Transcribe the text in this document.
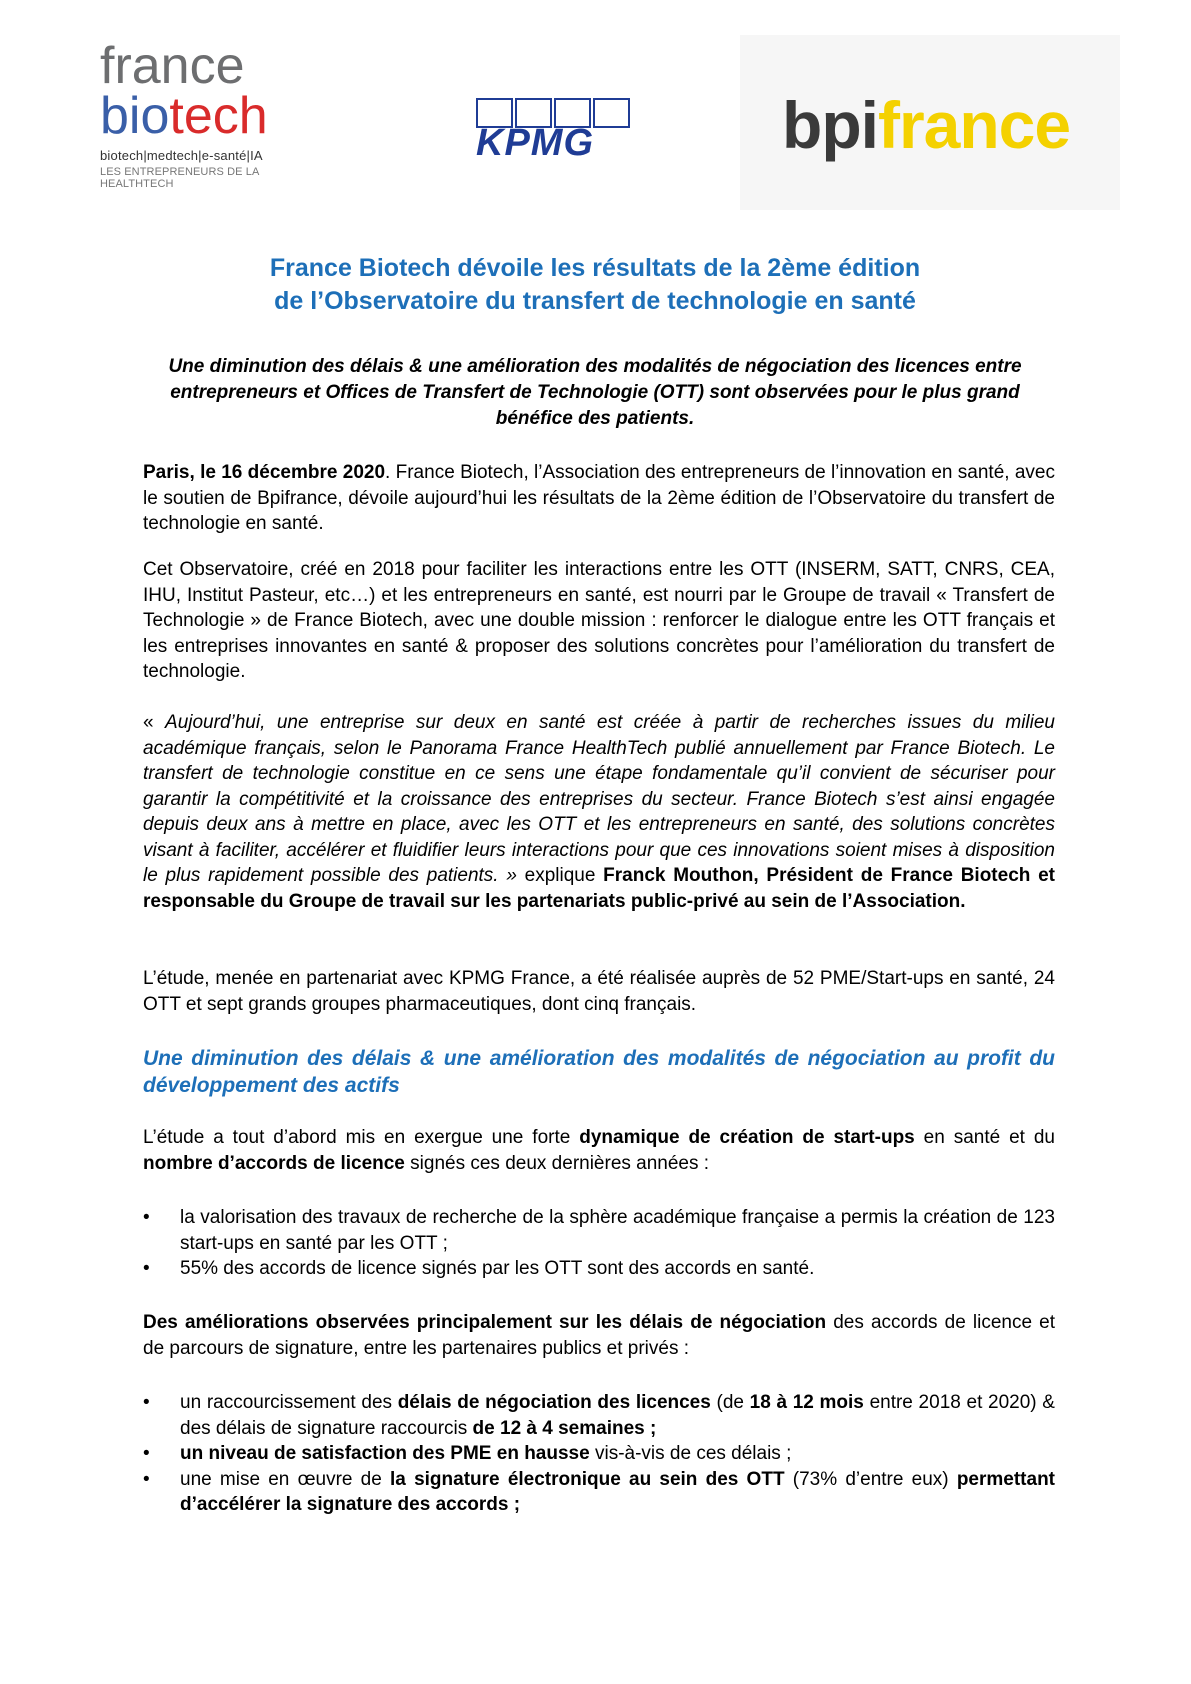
france
biotech
biotech|medtech|e-santé|IA
LES ENTREPRENEURS DE LA HEALTHTECH
KPMG	bpifrance
France Biotech dévoile les résultats de la 2ème édition
de l’Observatoire du transfert de technologie en santé

Une diminution des délais & une amélioration des modalités de négociation des licences entre entrepreneurs et Offices de Transfert de Technologie (OTT) sont observées pour le plus grand bénéfice des patients.

Paris, le 16 décembre 2020. France Biotech, l’Association des entrepreneurs de l’innovation en santé, avec le soutien de Bpifrance, dévoile aujourd’hui les résultats de la 2ème édition de l’Observatoire du transfert de technologie en santé.

Cet Observatoire, créé en 2018 pour faciliter les interactions entre les OTT (INSERM, SATT, CNRS, CEA, IHU, Institut Pasteur, etc…) et les entrepreneurs en santé, est nourri par le Groupe de travail « Transfert de Technologie » de France Biotech, avec une double mission : renforcer le dialogue entre les OTT français et les entreprises innovantes en santé & proposer des solutions concrètes pour l’amélioration du transfert de technologie.

« Aujourd’hui, une entreprise sur deux en santé est créée à partir de recherches issues du milieu académique français, selon le Panorama France HealthTech publié annuellement par France Biotech. Le transfert de technologie constitue en ce sens une étape fondamentale qu’il convient de sécuriser pour garantir la compétitivité et la croissance des entreprises du secteur. France Biotech s’est ainsi engagée depuis deux ans à mettre en place, avec les OTT et les entrepreneurs en santé, des solutions concrètes visant à faciliter, accélérer et fluidifier leurs interactions pour que ces innovations soient mises à disposition le plus rapidement possible des patients. » explique Franck Mouthon, Président de France Biotech et responsable du Groupe de travail sur les partenariats public-privé au sein de l’Association.

L’étude, menée en partenariat avec KPMG France, a été réalisée auprès de 52 PME/Start-ups en santé, 24 OTT et sept grands groupes pharmaceutiques, dont cinq français.

Une diminution des délais & une amélioration des modalités de négociation au profit du développement des actifs

L’étude a tout d’abord mis en exergue une forte dynamique de création de start-ups en santé et du nombre d’accords de licence signés ces deux dernières années :

• la valorisation des travaux de recherche de la sphère académique française a permis la création de 123 start-ups en santé par les OTT ;
• 55% des accords de licence signés par les OTT sont des accords en santé.

Des améliorations observées principalement sur les délais de négociation des accords de licence et de parcours de signature, entre les partenaires publics et privés :

• un raccourcissement des délais de négociation des licences (de 18 à 12 mois entre 2018 et 2020) & des délais de signature raccourcis de 12 à 4 semaines ;
• un niveau de satisfaction des PME en hausse vis-à-vis de ces délais ;
• une mise en œuvre de la signature électronique au sein des OTT (73% d’entre eux) permettant d’accélérer la signature des accords ;
